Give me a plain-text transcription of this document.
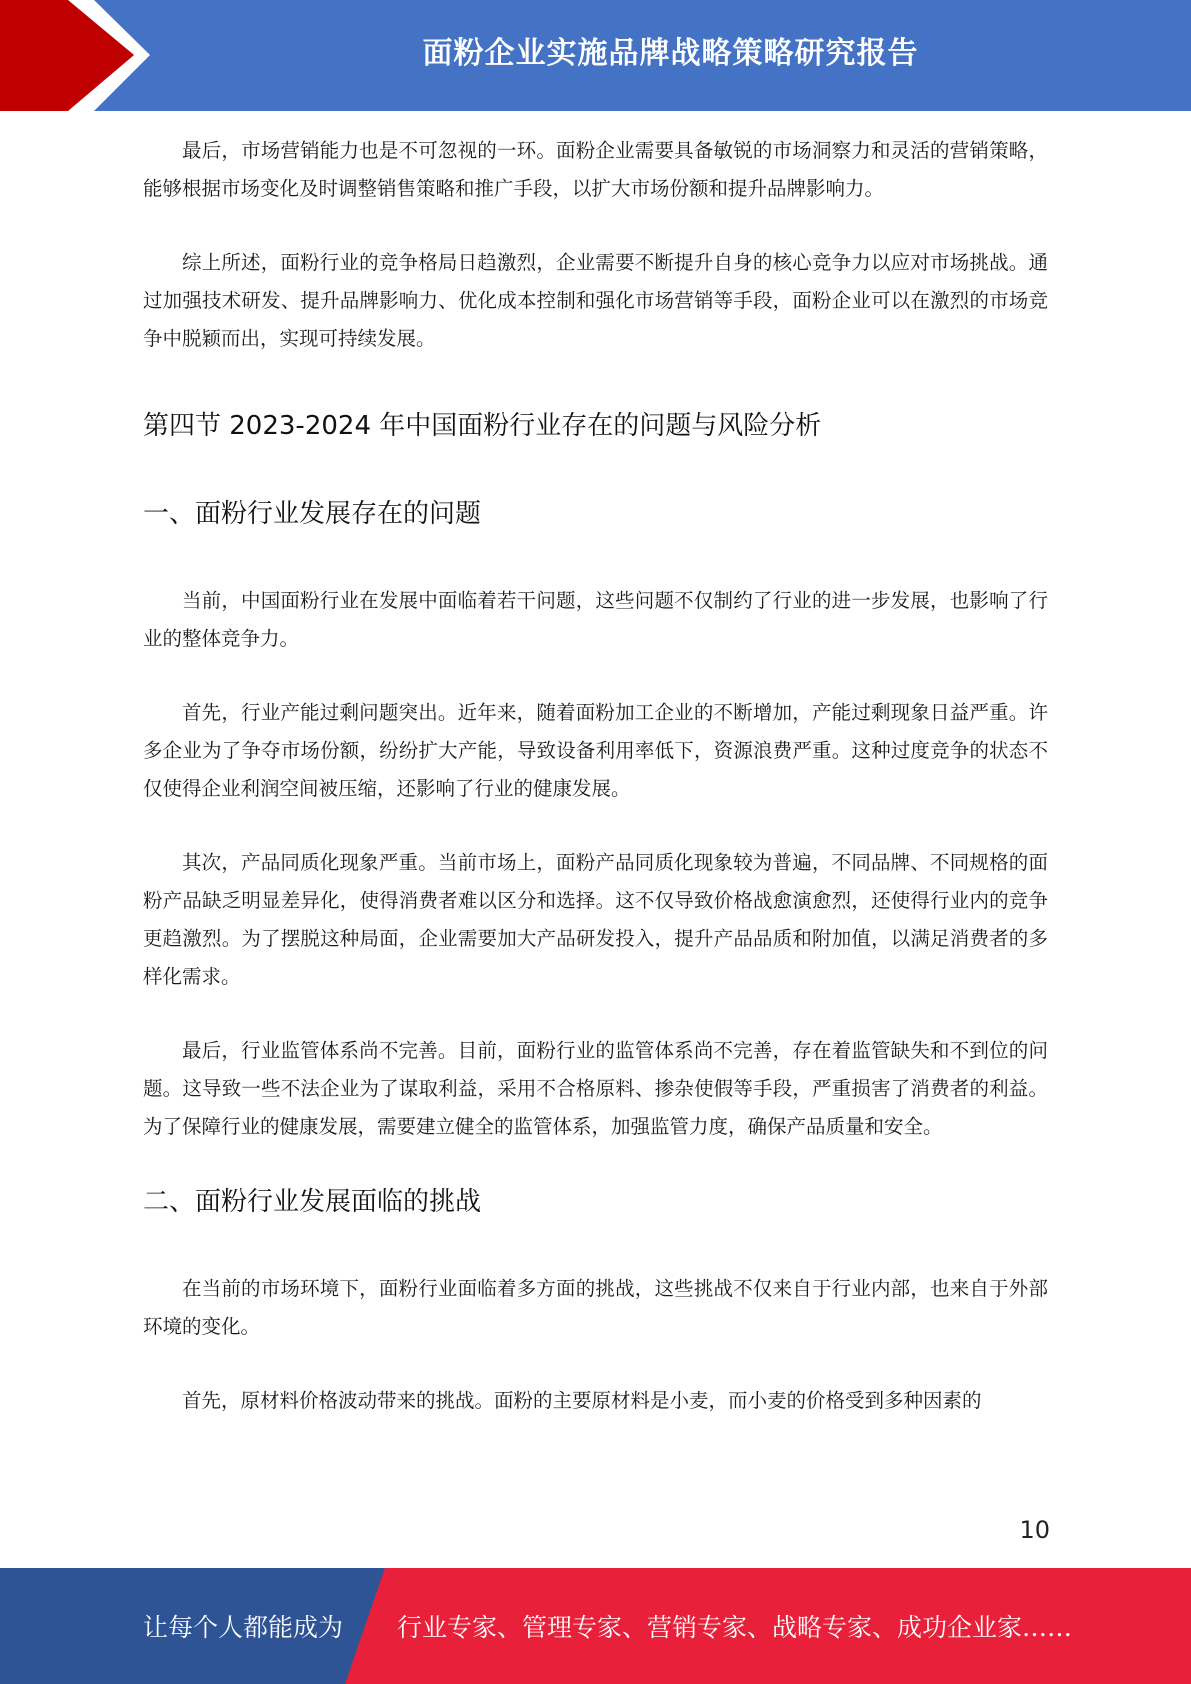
面粉企业实施品牌战略策略研究报告

最后，市场营销能力也是不可忽视的一环。面粉企业需要具备敏锐的市场洞察力和灵活的营销策略，能够根据市场变化及时调整销售策略和推广手段，以扩大市场份额和提升品牌影响力。

综上所述，面粉行业的竞争格局日趋激烈，企业需要不断提升自身的核心竞争力以应对市场挑战。通过加强技术研发、提升品牌影响力、优化成本控制和强化市场营销等手段，面粉企业可以在激烈的市场竞争中脱颖而出，实现可持续发展。

第四节 2023-2024 年中国面粉行业存在的问题与风险分析
一、面粉行业发展存在的问题

当前，中国面粉行业在发展中面临着若干问题，这些问题不仅制约了行业的进一步发展，也影响了行业的整体竞争力。

首先，行业产能过剩问题突出。近年来，随着面粉加工企业的不断增加，产能过剩现象日益严重。许多企业为了争夺市场份额，纷纷扩大产能，导致设备利用率低下，资源浪费严重。这种过度竞争的状态不仅使得企业利润空间被压缩，还影响了行业的健康发展。

其次，产品同质化现象严重。当前市场上，面粉产品同质化现象较为普遍，不同品牌、不同规格的面粉产品缺乏明显差异化，使得消费者难以区分和选择。这不仅导致价格战愈演愈烈，还使得行业内的竞争更趋激烈。为了摆脱这种局面，企业需要加大产品研发投入，提升产品品质和附加值，以满足消费者的多样化需求。

最后，行业监管体系尚不完善。目前，面粉行业的监管体系尚不完善，存在着监管缺失和不到位的问题。这导致一些不法企业为了谋取利益，采用不合格原料、掺杂使假等手段，严重损害了消费者的利益。为了保障行业的健康发展，需要建立健全的监管体系，加强监管力度，确保产品质量和安全。

二、面粉行业发展面临的挑战

在当前的市场环境下，面粉行业面临着多方面的挑战，这些挑战不仅来自于行业内部，也来自于外部环境的变化。

首先，原材料价格波动带来的挑战。面粉的主要原材料是小麦，而小麦的价格受到多种因素的

10
让每个人都能成为 行业专家、管理专家、营销专家、战略专家、成功企业家……
